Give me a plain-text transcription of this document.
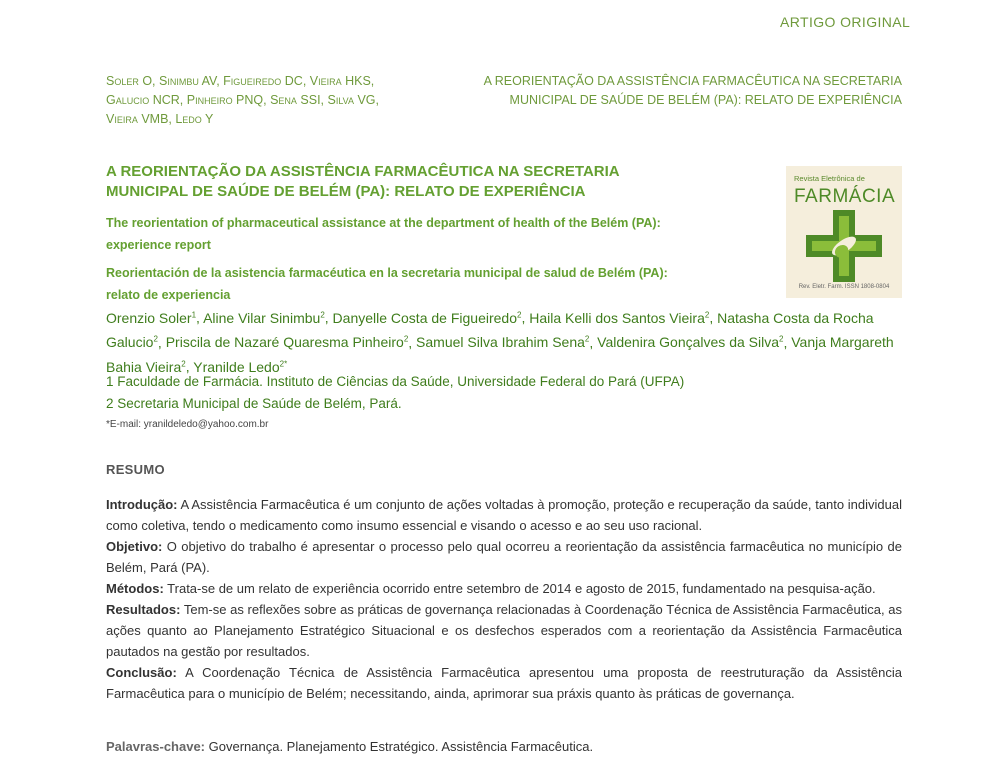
ARTIGO ORIGINAL
Soler O, Sinimbu AV, Figueiredo DC, Vieira HKS,
Galucio NCR, Pinheiro PNQ, Sena SSI, Silva VG,
Vieira VMB, Ledo Y
A REORIENTAÇÃO DA ASSISTÊNCIA FARMACÊUTICA NA SECRETARIA
MUNICIPAL DE SAÚDE DE BELÉM (PA): RELATO DE EXPERIÊNCIA
A REORIENTAÇÃO DA ASSISTÊNCIA FARMACÊUTICA NA SECRETARIA
MUNICIPAL DE SAÚDE DE BELÉM (PA): RELATO DE EXPERIÊNCIA
The reorientation of pharmaceutical assistance at the department of health of the Belém (PA):
experience report
Reorientación de la asistencia farmacéutica en la secretaria municipal de salud de Belém (PA):
relato de experiencia
Revista Eletrônica de
FARMÁCIA
Rev. Eletr. Farm. ISSN 1808-0804
Orenzio Soler$^1$, Aline Vilar Sinimbu$^2$, Danyelle Costa de Figueiredo$^2$, Haila Kelli dos Santos Vieira$^2$, Natasha Costa da Rocha Galucio$^2$, Priscila de Nazaré Quaresma Pinheiro$^2$, Samuel Silva Ibrahim Sena$^2$, Valdenira Gonçalves da Silva$^2$, Vanja Margareth Bahia Vieira$^2$, Yranilde Ledo$^{2*}$
1 Faculdade de Farmácia. Instituto de Ciências da Saúde, Universidade Federal do Pará (UFPA)
2 Secretaria Municipal de Saúde de Belém, Pará.
*E-mail: yranildeledo@yahoo.com.br
RESUMO

Introdução: A Assistência Farmacêutica é um conjunto de ações voltadas à promoção, proteção e recuperação da saúde, tanto individual como coletiva, tendo o medicamento como insumo essencial e visando o acesso e ao seu uso racional.

Objetivo: O objetivo do trabalho é apresentar o processo pelo qual ocorreu a reorientação da assistência farmacêutica no município de Belém, Pará (PA).

Métodos: Trata-se de um relato de experiência ocorrido entre setembro de 2014 e agosto de 2015, fundamentado na pesquisa-ação.

Resultados: Tem-se as reflexões sobre as práticas de governança relacionadas à Coordenação Técnica de Assistência Farmacêutica, as ações quanto ao Planejamento Estratégico Situacional e os desfechos esperados com a reorientação da Assistência Farmacêutica pautados na gestão por resultados.

Conclusão: A Coordenação Técnica de Assistência Farmacêutica apresentou uma proposta de reestruturação da Assistência Farmacêutica para o município de Belém; necessitando, ainda, aprimorar sua práxis quanto às práticas de governança.

Palavras-chave: Governança. Planejamento Estratégico. Assistência Farmacêutica.
